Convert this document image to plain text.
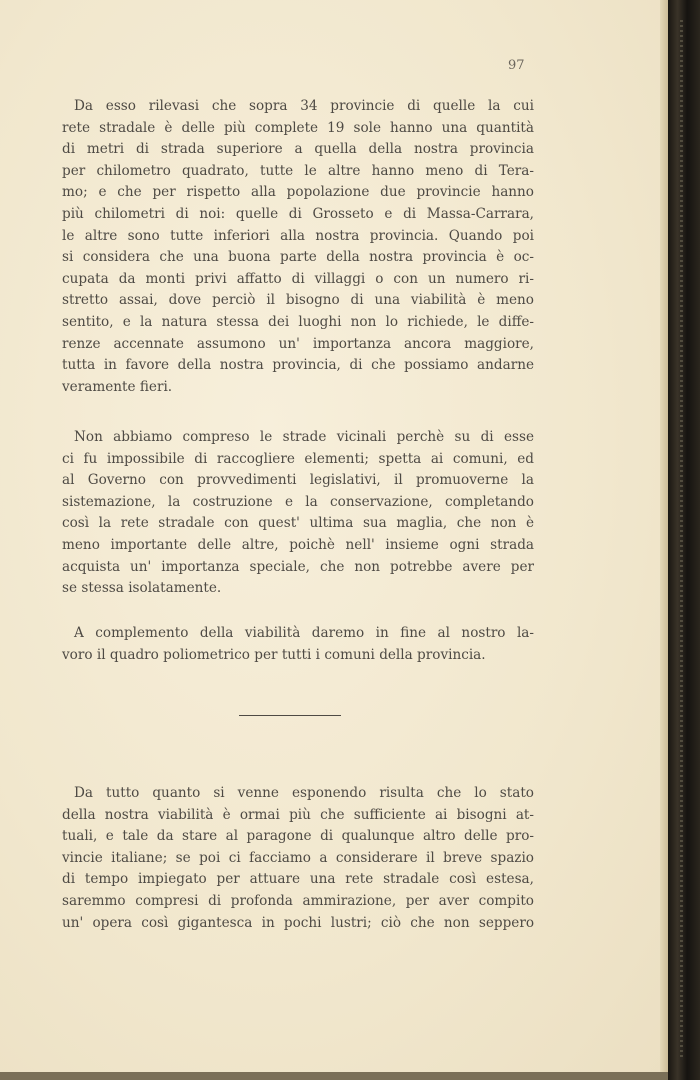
97
Da esso rilevasi che sopra 34 provincie di quelle la cui
rete stradale è delle più complete 19 sole hanno una quantità
di metri di strada superiore a quella della nostra provincia
per chilometro quadrato, tutte le altre hanno meno di Tera-
mo; e che per rispetto alla popolazione due provincie hanno
più chilometri di noi: quelle di Grosseto e di Massa-Carrara,
le altre sono tutte inferiori alla nostra provincia. Quando poi
si considera che una buona parte della nostra provincia è oc-
cupata da monti privi affatto di villaggi o con un numero ri-
stretto assai, dove perciò il bisogno di una viabilità è meno
sentito, e la natura stessa dei luoghi non lo richiede, le diffe-
renze accennate assumono un' importanza ancora maggiore,
tutta in favore della nostra provincia, di che possiamo andarne
veramente fieri.
Non abbiamo compreso le strade vicinali perchè su di esse
ci fu impossibile di raccogliere elementi; spetta ai comuni, ed
al Governo con provvedimenti legislativi, il promuoverne la
sistemazione, la costruzione e la conservazione, completando
così la rete stradale con quest' ultima sua maglia, che non è
meno importante delle altre, poichè nell' insieme ogni strada
acquista un' importanza speciale, che non potrebbe avere per
se stessa isolatamente.
A complemento della viabilità daremo in fine al nostro la-
voro il quadro poliometrico per tutti i comuni della provincia.
Da tutto quanto si venne esponendo risulta che lo stato
della nostra viabilità è ormai più che sufficiente ai bisogni at-
tuali, e tale da stare al paragone di qualunque altro delle pro-
vincie italiane; se poi ci facciamo a considerare il breve spazio
di tempo impiegato per attuare una rete stradale così estesa,
saremmo compresi di profonda ammirazione, per aver compito
un' opera così gigantesca in pochi lustri; ciò che non seppero
